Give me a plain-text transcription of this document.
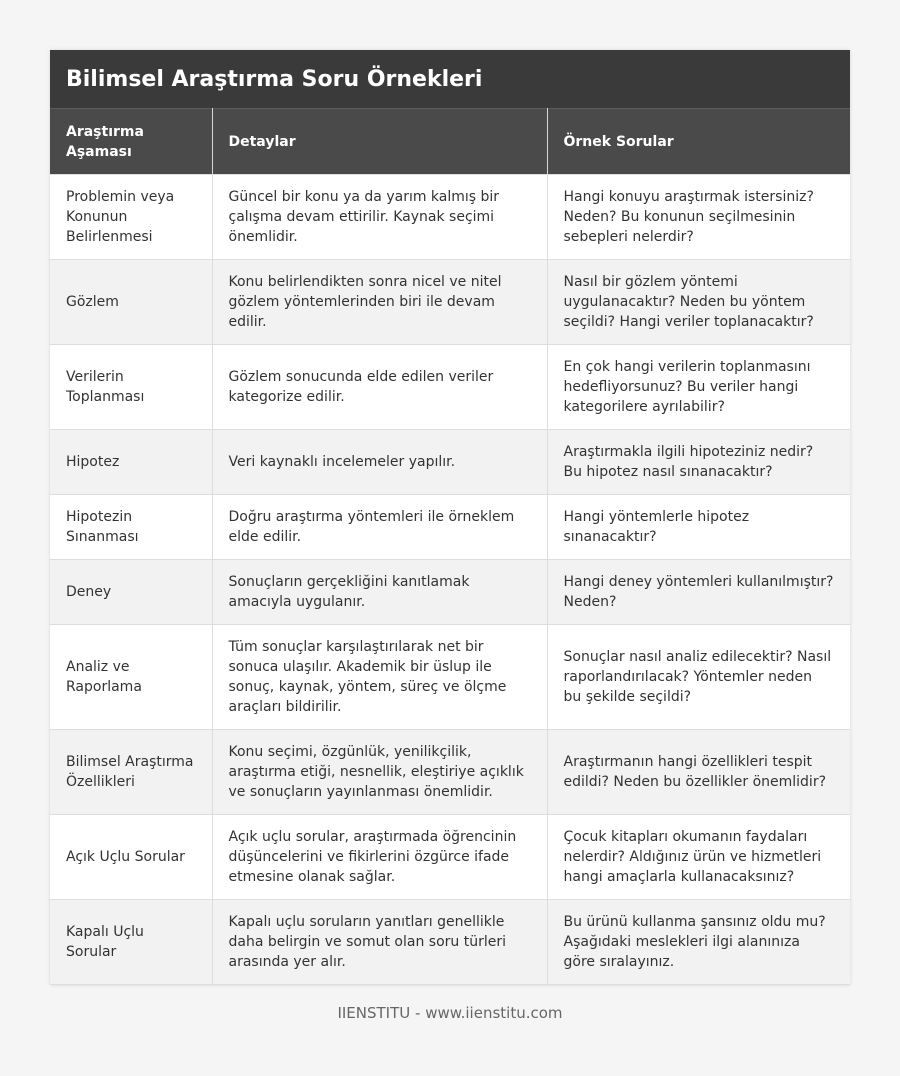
Bilimsel Araştırma Soru Örnekleri
Araştırma Aşaması	Detaylar	Örnek Sorular
Problemin veya Konunun Belirlenmesi	Güncel bir konu ya da yarım kalmış bir çalışma devam ettirilir. Kaynak seçimi önemlidir.	Hangi konuyu araştırmak istersiniz? Neden? Bu konunun seçilmesinin sebepleri nelerdir?
Gözlem	Konu belirlendikten sonra nicel ve nitel gözlem yöntemlerinden biri ile devam edilir.	Nasıl bir gözlem yöntemi uygulanacaktır? Neden bu yöntem seçildi? Hangi veriler toplanacaktır?
Verilerin Toplanması	Gözlem sonucunda elde edilen veriler kategorize edilir.	En çok hangi verilerin toplanmasını hedefliyorsunuz? Bu veriler hangi kategorilere ayrılabilir?
Hipotez	Veri kaynaklı incelemeler yapılır.	Araştırmakla ilgili hipoteziniz nedir? Bu hipotez nasıl sınanacaktır?
Hipotezin Sınanması	Doğru araştırma yöntemleri ile örneklem elde edilir.	Hangi yöntemlerle hipotez sınanacaktır?
Deney	Sonuçların gerçekliğini kanıtlamak amacıyla uygulanır.	Hangi deney yöntemleri kullanılmıştır? Neden?
Analiz ve Raporlama	Tüm sonuçlar karşılaştırılarak net bir sonuca ulaşılır. Akademik bir üslup ile sonuç, kaynak, yöntem, süreç ve ölçme araçları bildirilir.	Sonuçlar nasıl analiz edilecektir? Nasıl raporlandırılacak? Yöntemler neden bu şekilde seçildi?
Bilimsel Araştırma Özellikleri	Konu seçimi, özgünlük, yenilikçilik, araştırma etiği, nesnellik, eleştiriye açıklık ve sonuçların yayınlanması önemlidir.	Araştırmanın hangi özellikleri tespit edildi? Neden bu özellikler önemlidir?
Açık Uçlu Sorular	Açık uçlu sorular, araştırmada öğrencinin düşüncelerini ve fikirlerini özgürce ifade etmesine olanak sağlar.	Çocuk kitapları okumanın faydaları nelerdir? Aldığınız ürün ve hizmetleri hangi amaçlarla kullanacaksınız?
Kapalı Uçlu Sorular	Kapalı uçlu soruların yanıtları genellikle daha belirgin ve somut olan soru türleri arasında yer alır.	Bu ürünü kullanma şansınız oldu mu? Aşağıdaki meslekleri ilgi alanınıza göre sıralayınız.
IIENSTITU - www.iienstitu.com
